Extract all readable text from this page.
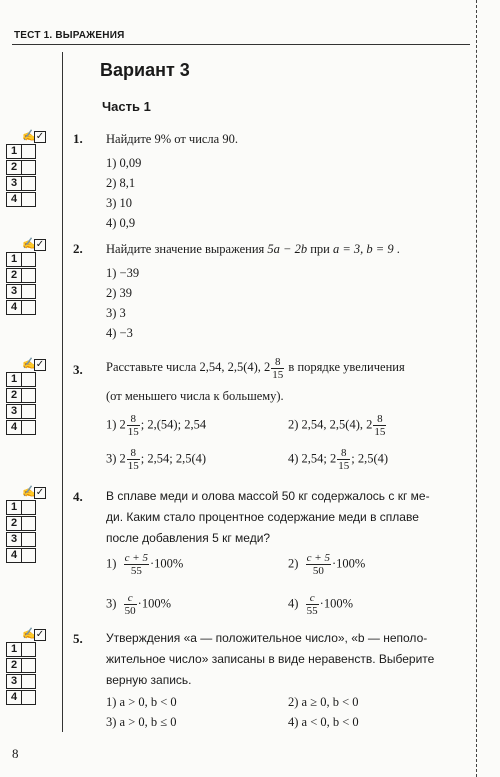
ТЕСТ 1. ВЫРАЖЕНИЯ
Вариант 3
Часть 1
✍ ✓
1
2
3
4
✍ ✓
1
2
3
4
✍ ✓
1
2
3
4
✍ ✓
1
2
3
4
✍ ✓
1
2
3
4
1. Найдите 9% от числа 90.
1) 0,09
2) 8,1
3) 10
4) 0,9
2. Найдите значение выражения 5a − 2b при a = 3, b = 9 .
1) −39
2) 39
3) 3
4) −3
3. Расставьте числа 2,54, 2,5(4), $2 \frac{8}{15}$ в порядке увеличения
(от меньшего числа к большему).
1) $2 \frac{8}{15}$ ; 2,(54); 2,54	2) 2,54, 2,5(4), $2 \frac{8}{15}$
3) $2 \frac{8}{15}$ ; 2,54; 2,5(4)	4) 2,54; $2 \frac{8}{15}$ ; 2,5(4)
4. В сплаве меди и олова массой 50 кг содержалось c кг ме-
ди. Каким стало процентное содержание меди в сплаве
после добавления 5 кг меди?
$1) \frac{c + 5}{55} \cdot 100\%$	$2) \frac{c + 5}{50} \cdot 100\%$
$3) \frac{c}{50} \cdot 100\%$	$4) \frac{c}{55} \cdot 100\%$
5. Утверждения «a — положительное число», «b — неполо-
жительное число» записаны в виде неравенств. Выберите
верную запись.
1) a > 0, b < 0	2) a ≥ 0, b < 0
3) a > 0, b ≤ 0	4) a < 0, b < 0
8
